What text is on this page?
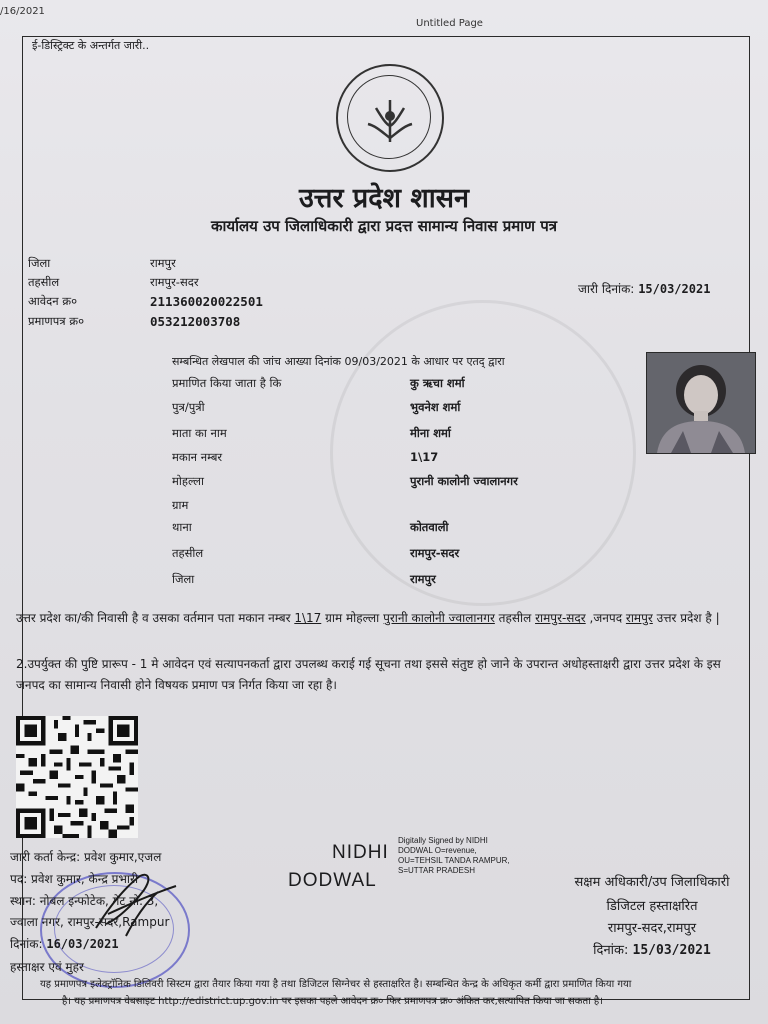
/16/2021
Untitled Page
ई-डिस्ट्रिक्ट के अन्तर्गत जारी..
उत्तर प्रदेश शासन
कार्यालय उप जिलाधिकारी द्वारा प्रदत्त सामान्य निवास प्रमाण पत्र
जिला	रामपुर
तहसील	रामपुर-सदर
आवेदन क्र०	211360020022501
प्रमाणपत्र क्र०	053212003708
जारी दिनांक: 15/03/2021
सम्बन्धित लेखपाल की जांच आख्या दिनांक 09/03/2021 के आधार पर एतद् द्वारा
प्रमाणित किया जाता है कि	कु ऋचा शर्मा
पुत्र/पुत्री	भुवनेश शर्मा
माता का नाम	मीना शर्मा
मकान नम्बर	1\17
मोहल्ला	पुरानी कालोनी ज्वालानगर
ग्राम
थाना	कोतवाली
तहसील	रामपुर-सदर
जिला	रामपुर
उत्तर प्रदेश का/की निवासी है व उसका वर्तमान पता मकान नम्बर 1\17 ग्राम मोहल्ला पुरानी कालोनी ज्वालानगर तहसील रामपुर-सदर ,जनपद रामपुर उत्तर प्रदेश है |
2.उपर्युक्त की पुष्टि प्रारूप - 1 मे आवेदन एवं सत्यापनकर्ता द्वारा उपलब्ध कराई गई सूचना तथा इससे संतुष्ट हो जाने के उपरान्त अधोहस्ताक्षरी द्वारा उत्तर प्रदेश के इस जनपद का सामान्य निवासी होने विषयक प्रमाण पत्र निर्गत किया जा रहा है।
जारी कर्ता केन्द्र: प्रवेश कुमार,एजल
पद: प्रवेश कुमार, केन्द्र प्रभारी
स्थान: नोबल इन्फोटेक, गेट नो. 3,
ज्वाला नगर, रामपुर-सदर,Rampur
दिनांक: 16/03/2021
हस्ताक्षर एवं मुहर
NIDHI
DODWAL
Digitally Signed by NIDHI
DODWAL O=revenue,
OU=TEHSIL TANDA RAMPUR,
S=UTTAR PRADESH
सक्षम अधिकारी/उप जिलाधिकारी
डिजिटल हस्ताक्षरित
रामपुर-सदर,रामपुर
दिनांक: 15/03/2021
यह प्रमाणपत्र इलेक्ट्रॉनिक डिलिवरी सिस्टम द्वारा तैयार किया गया है तथा डिजिटल सिग्नेचर से हस्ताक्षरित है। सम्बन्धित केन्द्र के अधिकृत कर्मी द्वारा प्रमाणित किया गया
है। यह प्रमाणपत्र वेबसाइट http://edistrict.up.gov.in पर इसका पहले आवेदन क्र० फिर प्रमाणपत्र क्र० अंकित कर,सत्यापित किया जा सकता है।
